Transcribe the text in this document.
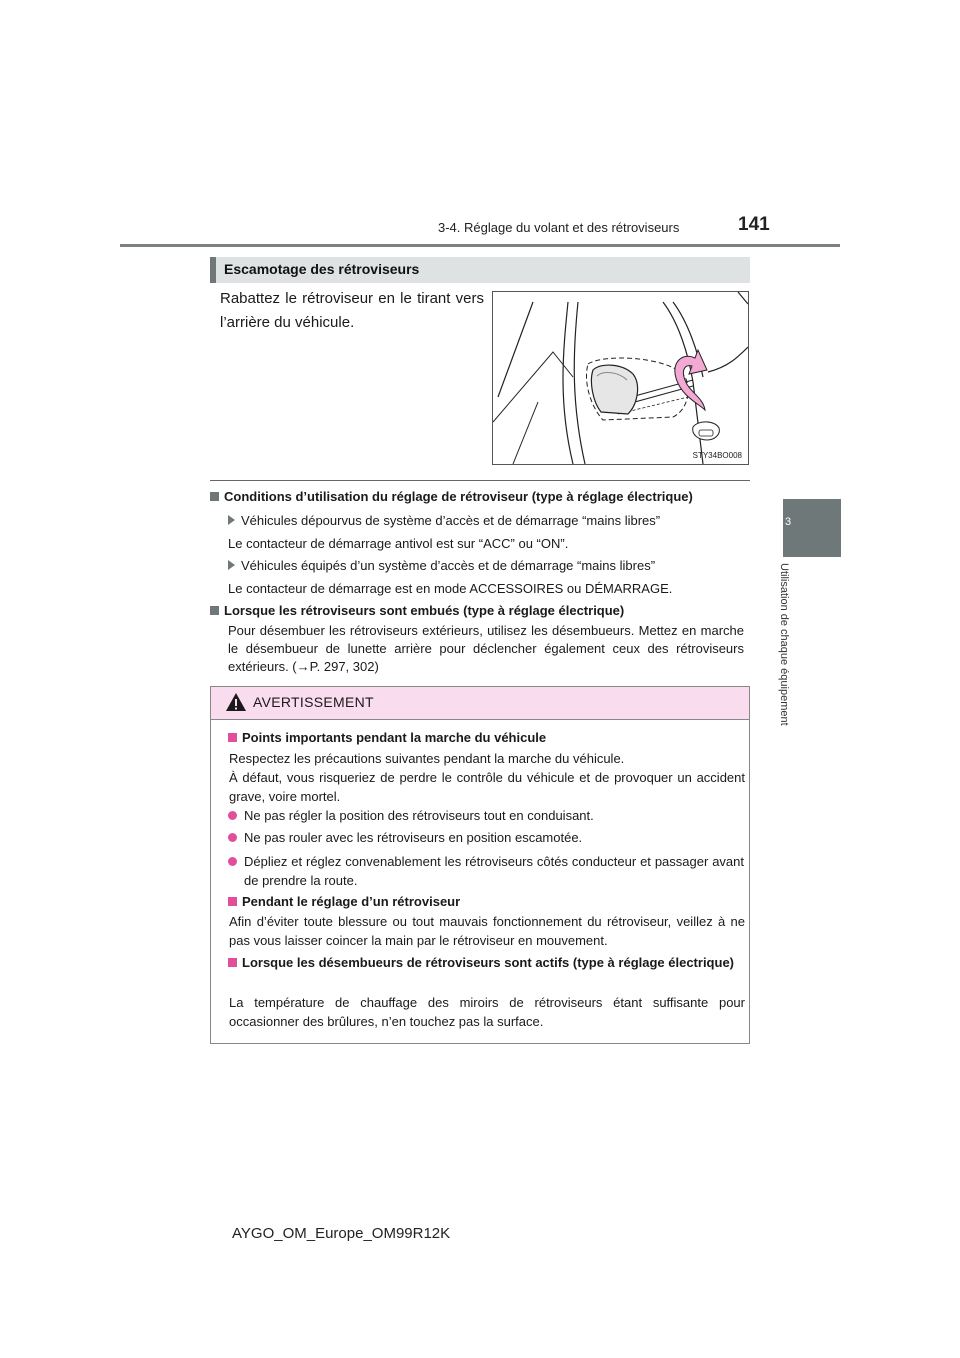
3-4. Réglage du volant et des rétroviseurs	141
3
Utilisation de chaque équipement
Escamotage des rétroviseurs
Rabattez le rétroviseur en le tirant vers l’arrière du véhicule.
STY34BO008
Conditions d’utilisation du réglage de rétroviseur (type à réglage électrique)
Véhicules dépourvus de système d’accès et de démarrage “mains libres”
Le contacteur de démarrage antivol est sur “ACC” ou “ON”.
Véhicules équipés d’un système d’accès et de démarrage “mains libres”
Le contacteur de démarrage est en mode ACCESSOIRES ou DÉMARRAGE.
Lorsque les rétroviseurs sont embués (type à réglage électrique)
Pour désembuer les rétroviseurs extérieurs, utilisez les désembueurs. Mettez en marche le désembueur de lunette arrière pour déclencher également ceux des rétroviseurs extérieurs. (→P. 297, 302)
AVERTISSEMENT
Points importants pendant la marche du véhicule
Respectez les précautions suivantes pendant la marche du véhicule.
À défaut, vous risqueriez de perdre le contrôle du véhicule et de provoquer un accident grave, voire mortel.
Ne pas régler la position des rétroviseurs tout en conduisant.
Ne pas rouler avec les rétroviseurs en position escamotée.
Dépliez et réglez convenablement les rétroviseurs côtés conducteur et passager avant de prendre la route.
Pendant le réglage d’un rétroviseur
Afin d’éviter toute blessure ou tout mauvais fonctionnement du rétroviseur, veillez à ne pas vous laisser coincer la main par le rétroviseur en mouvement.
Lorsque les désembueurs de rétroviseurs sont actifs (type à réglage électrique)
La température de chauffage des miroirs de rétroviseurs étant suffisante pour occasionner des brûlures, n’en touchez pas la surface.
AYGO_OM_Europe_OM99R12K
